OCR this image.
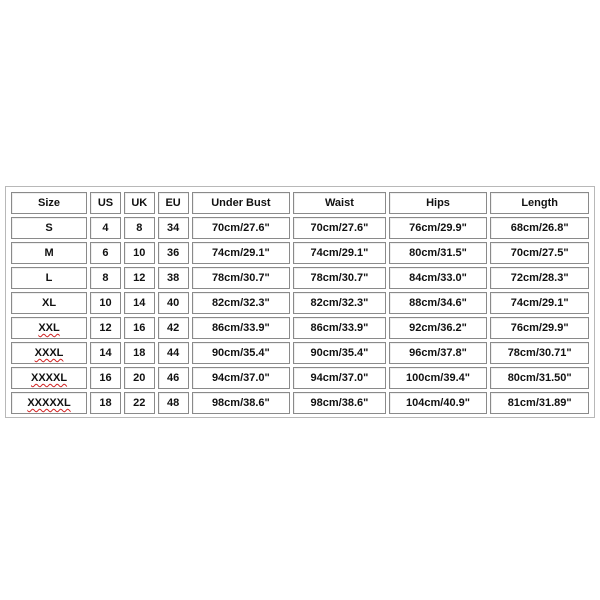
Size	US	UK	EU	Under Bust	Waist	Hips	Length
S	4	8	34	70cm/27.6"	70cm/27.6"	76cm/29.9"	68cm/26.8"
M	6	10	36	74cm/29.1"	74cm/29.1"	80cm/31.5"	70cm/27.5"
L	8	12	38	78cm/30.7"	78cm/30.7"	84cm/33.0"	72cm/28.3"
XL	10	14	40	82cm/32.3"	82cm/32.3"	88cm/34.6"	74cm/29.1"
XXL	12	16	42	86cm/33.9"	86cm/33.9"	92cm/36.2"	76cm/29.9"
XXXL	14	18	44	90cm/35.4"	90cm/35.4"	96cm/37.8"	78cm/30.71"
XXXXL	16	20	46	94cm/37.0"	94cm/37.0"	100cm/39.4"	80cm/31.50"
XXXXXL	18	22	48	98cm/38.6"	98cm/38.6"	104cm/40.9"	81cm/31.89"
